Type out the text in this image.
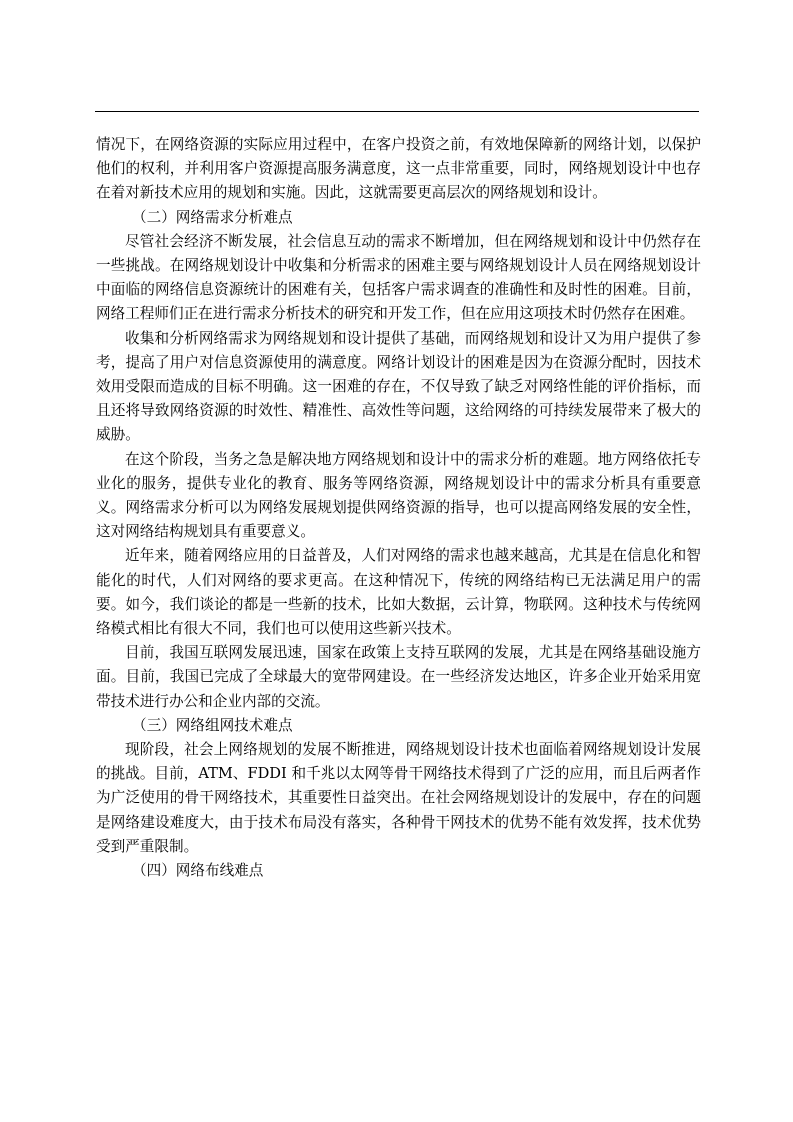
情况下，在网络资源的实际应用过程中，在客户投资之前，有效地保障新的网络计划，以保护他们的权利，并利用客户资源提高服务满意度，这一点非常重要，同时，网络规划设计中也存在着对新技术应用的规划和实施。因此，这就需要更高层次的网络规划和设计。

（二）网络需求分析难点

尽管社会经济不断发展，社会信息互动的需求不断增加，但在网络规划和设计中仍然存在一些挑战。在网络规划设计中收集和分析需求的困难主要与网络规划设计人员在网络规划设计中面临的网络信息资源统计的困难有关，包括客户需求调查的准确性和及时性的困难。目前，网络工程师们正在进行需求分析技术的研究和开发工作，但在应用这项技术时仍然存在困难。

收集和分析网络需求为网络规划和设计提供了基础，而网络规划和设计又为用户提供了参考，提高了用户对信息资源使用的满意度。网络计划设计的困难是因为在资源分配时，因技术效用受限而造成的目标不明确。这一困难的存在，不仅导致了缺乏对网络性能的评价指标，而且还将导致网络资源的时效性、精准性、高效性等问题，这给网络的可持续发展带来了极大的威胁。

在这个阶段，当务之急是解决地方网络规划和设计中的需求分析的难题。地方网络依托专业化的服务，提供专业化的教育、服务等网络资源，网络规划设计中的需求分析具有重要意义。网络需求分析可以为网络发展规划提供网络资源的指导，也可以提高网络发展的安全性，这对网络结构规划具有重要意义。

近年来，随着网络应用的日益普及，人们对网络的需求也越来越高，尤其是在信息化和智能化的时代，人们对网络的要求更高。在这种情况下，传统的网络结构已无法满足用户的需要。如今，我们谈论的都是一些新的技术，比如大数据，云计算，物联网。这种技术与传统网络模式相比有很大不同，我们也可以使用这些新兴技术。

目前，我国互联网发展迅速，国家在政策上支持互联网的发展，尤其是在网络基础设施方面。目前，我国已完成了全球最大的宽带网建设。在一些经济发达地区，许多企业开始采用宽带技术进行办公和企业内部的交流。

（三）网络组网技术难点

现阶段，社会上网络规划的发展不断推进，网络规划设计技术也面临着网络规划设计发展的挑战。目前，ATM、FDDI 和千兆以太网等骨干网络技术得到了广泛的应用，而且后两者作为广泛使用的骨干网络技术，其重要性日益突出。在社会网络规划设计的发展中，存在的问题是网络建设难度大，由于技术布局没有落实，各种骨干网技术的优势不能有效发挥，技术优势受到严重限制。

（四）网络布线难点
